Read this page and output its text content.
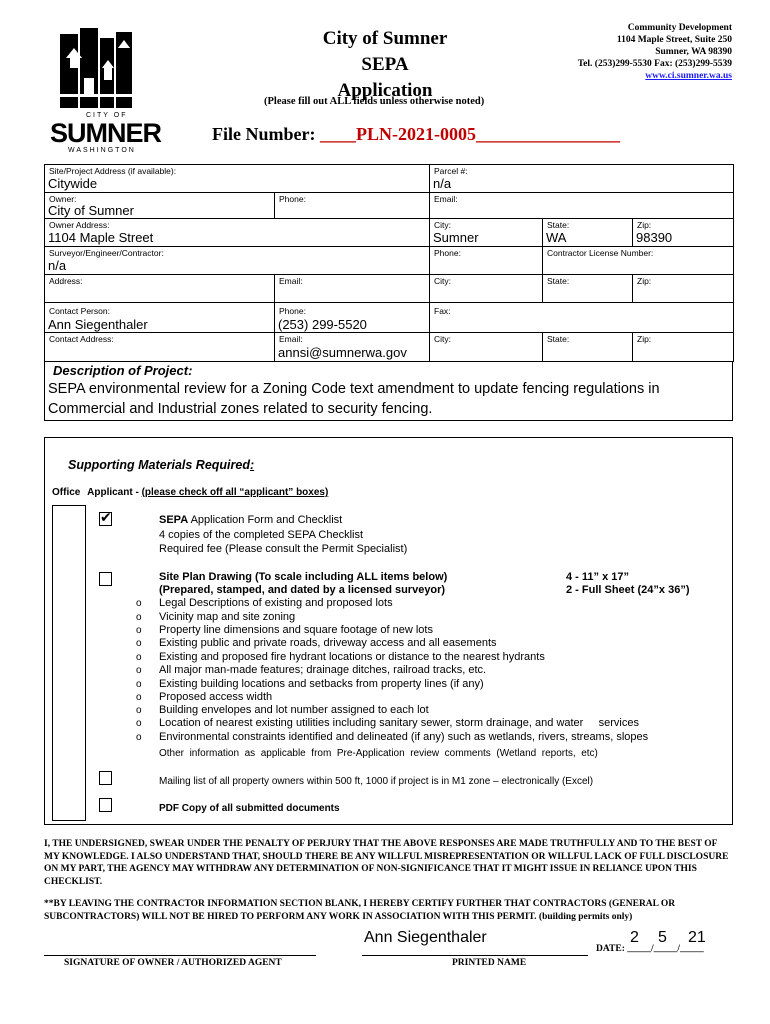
CITY OF
SUMNER
WASHINGTON
City of Sumner
SEPA
Application
Community Development
1104 Maple Street, Suite 250
Sumner, WA 98390
Tel. (253)299-5530 Fax: (253)299-5539
www.ci.sumner.wa.us
(Please fill out ALL fields unless otherwise noted)
File Number: ____PLN-2021-0005________________
Site/Project Address (if available):
Citywide
Parcel #:
n/a
Owner:
City of Sumner
Phone:	Email:
Owner Address:
1104 Maple Street
City:
Sumner
State:
WA
Zip:
98390
Surveyor/Engineer/Contractor:
n/a
Phone:	Contractor License Number:
Address:	Email:	City:	State:	Zip:
Contact Person:
Ann Siegenthaler
Phone:
(253) 299-5520
Fax:
Contact Address:	Email:
annsi@sumnerwa.gov
City:	State:	Zip:
Description of Project:
SEPA environmental review for a Zoning Code text amendment to update fencing regulations in Commercial and Industrial zones related to security fencing.
Supporting Materials Required:
Office Applicant - (please check off all “applicant” boxes)
✔	SEPA Application Form and Checklist
4 copies of the completed SEPA Checklist
Required fee (Please consult the Permit Specialist)
Site Plan Drawing (To scale including ALL items below)
(Prepared, stamped, and dated by a licensed surveyor)
4 - 11” x 17”
2 - Full Sheet (24”x 36”)
o Legal Descriptions of existing and proposed lots
o Vicinity map and site zoning
o Property line dimensions and square footage of new lots
o Existing public and private roads, driveway access and all easements
o Existing and proposed fire hydrant locations or distance to the nearest hydrants
o All major man-made features; drainage ditches, railroad tracks, etc.
o Existing building locations and setbacks from property lines (if any)
o Proposed access width
o Building envelopes and lot number assigned to each lot
o Location of nearest existing utilities including sanitary sewer, storm drainage, and water     services
o Environmental constraints identified and delineated (if any) such as wetlands, rivers, streams, slopes
Other  information  as  applicable  from  Pre-Application  review  comments  (Wetland  reports,  etc)
Mailing list of all property owners within 500 ft, 1000 if project is in M1 zone – electronically (Excel)
PDF Copy of all submitted documents
I, THE UNDERSIGNED, SWEAR UNDER THE PENALTY OF PERJURY THAT THE ABOVE RESPONSES ARE MADE TRUTHFULLY AND TO THE BEST OF MY KNOWLEDGE. I ALSO UNDERSTAND THAT, SHOULD THERE BE ANY WILLFUL MISREPRESENTATION OR WILLFUL LACK OF FULL DISCLOSURE ON MY PART, THE AGENCY MAY WITHDRAW ANY DETERMINATION OF NON-SIGNIFICANCE THAT IT MIGHT ISSUE IN RELIANCE UPON THIS CHECKLIST.
**BY LEAVING THE CONTRACTOR INFORMATION SECTION BLANK, I HEREBY CERTIFY FURTHER THAT CONTRACTORS (GENERAL OR SUBCONTRACTORS) WILL NOT BE HIRED TO PERFORM ANY WORK IN ASSOCIATION WITH THIS PERMIT. (building permits only)
SIGNATURE OF OWNER / AUTHORIZED AGENT
Ann Siegenthaler
PRINTED NAME
2 5 21
DATE: _____/_____/_____
